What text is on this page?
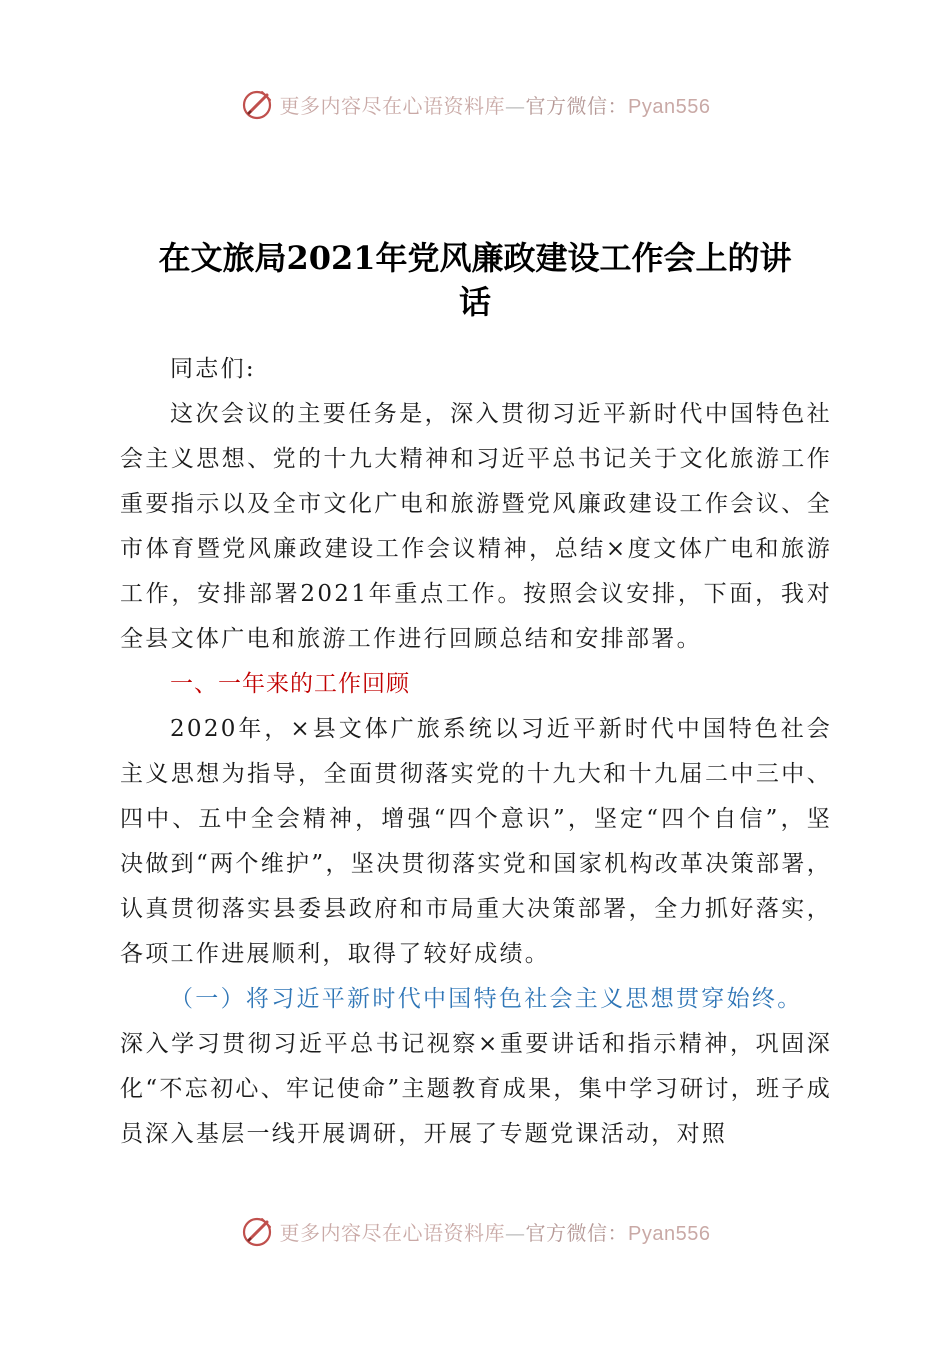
更多内容尽在心语资料库—官方微信：Pyan556
在文旅局2021年党风廉政建设工作会上的讲
话

同志们:

这次会议的主要任务是，深入贯彻习近平新时代中国特色社会主义思想、党的十九大精神和习近平总书记关于文化旅游工作重要指示以及全市文化广电和旅游暨党风廉政建设工作会议、全市体育暨党风廉政建设工作会议精神，总结×度文体广电和旅游工作，安排部署2021年重点工作。按照会议安排，下面，我对全县文体广电和旅游工作进行回顾总结和安排部署。

一、一年来的工作回顾

2020年，×县文体广旅系统以习近平新时代中国特色社会主义思想为指导，全面贯彻落实党的十九大和十九届二中三中、四中、五中全会精神，增强“四个意识”，坚定“四个自信”，坚决做到“两个维护”，坚决贯彻落实党和国家机构改革决策部署，认真贯彻落实县委县政府和市局重大决策部署，全力抓好落实，各项工作进展顺利，取得了较好成绩。

（一）将习近平新时代中国特色社会主义思想贯穿始终。

深入学习贯彻习近平总书记视察×重要讲话和指示精神，巩固深化“不忘初心、牢记使命”主题教育成果，集中学习研讨，班子成员深入基层一线开展调研，开展了专题党课活动，对照

更多内容尽在心语资料库—官方微信：Pyan556
